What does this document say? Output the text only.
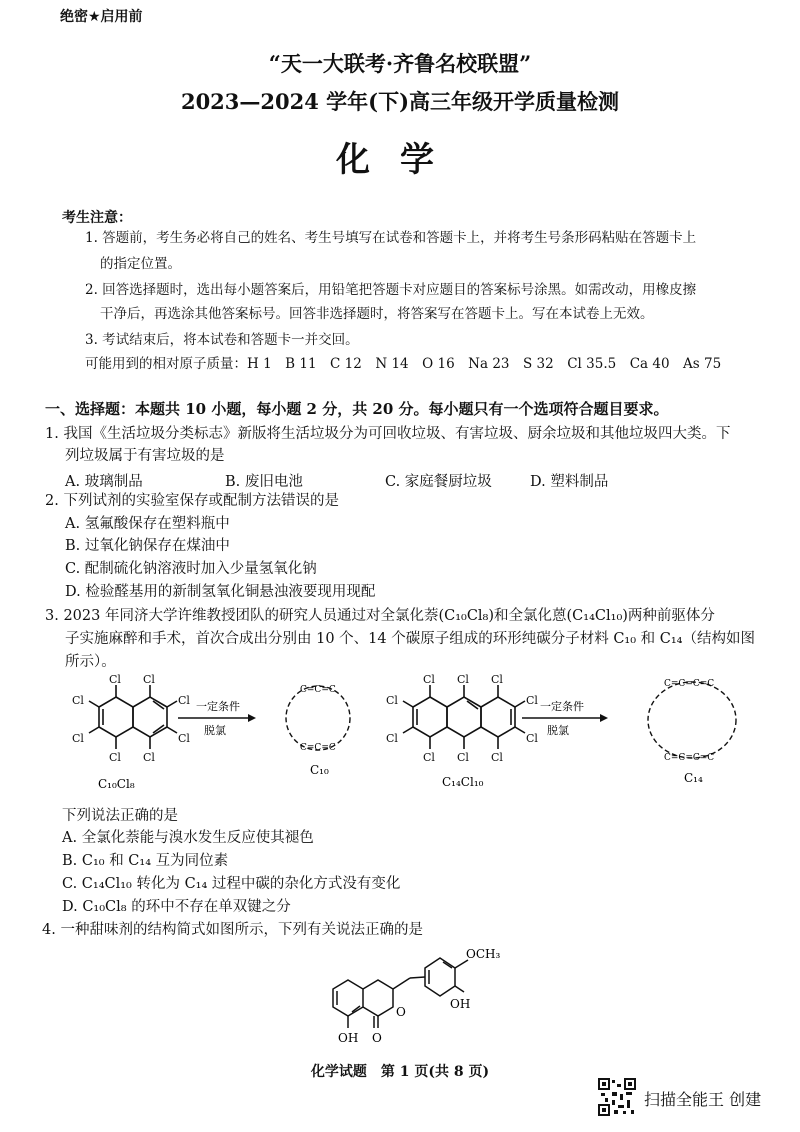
绝密★启用前
“天一大联考·齐鲁名校联盟”
2023—2024 学年(下)高三年级开学质量检测
化学
考生注意：
1. 答题前，考生务必将自己的姓名、考生号填写在试卷和答题卡上，并将考生号条形码粘贴在答题卡上
的指定位置。
2. 回答选择题时，选出每小题答案后，用铅笔把答题卡对应题目的答案标号涂黑。如需改动，用橡皮擦
干净后，再选涂其他答案标号。回答非选择题时，将答案写在答题卡上。写在本试卷上无效。
3. 考试结束后，将本试卷和答题卡一并交回。
可能用到的相对原子质量：H 1　B 11　C 12　N 14　O 16　Na 23　S 32　Cl 35.5　Ca 40　As 75
一、选择题：本题共 10 小题，每小题 2 分，共 20 分。每小题只有一个选项符合题目要求。
1. 我国《生活垃圾分类标志》新版将生活垃圾分为可回收垃圾、有害垃圾、厨余垃圾和其他垃圾四大类。下
列垃圾属于有害垃圾的是
A. 玻璃制品	B. 废旧电池	C. 家庭餐厨垃圾	D. 塑料制品
2. 下列试剂的实验室保存或配制方法错误的是
A. 氢氟酸保存在塑料瓶中
B. 过氧化钠保存在煤油中
C. 配制硫化钠溶液时加入少量氢氧化钠
D. 检验醛基用的新制氢氧化铜悬浊液要现用现配
3. 2023 年同济大学许维教授团队的研究人员通过对全氯化萘(C₁₀Cl₈)和全氯化蒽(C₁₄Cl₁₀)两种前驱体分
子实施麻醉和手术，首次合成出分别由 10 个、14 个碳原子组成的环形纯碳分子材料 C₁₀ 和 C₁₄（结构如图
所示）。
Cl Cl
Cl
Cl
Cl
Cl
Cl Cl
C₁₀Cl₈
一定条件
脱氯
C=C=C
C=C=C
C₁₀
Cl Cl Cl
Cl
Cl
Cl
Cl
Cl Cl Cl
C₁₄Cl₁₀
一定条件
脱氯
C=C=C=C
C=C=C=C
C₁₄
下列说法正确的是
A. 全氯化萘能与溴水发生反应使其褪色
B. C₁₀ 和 C₁₄ 互为同位素
C. C₁₄Cl₁₀ 转化为 C₁₄ 过程中碳的杂化方式没有变化
D. C₁₀Cl₈ 的环中不存在单双键之分
4. 一种甜味剂的结构简式如图所示，下列有关说法正确的是
OCH₃
OH
OH O
O
化学试题　第 1 页(共 8 页)
扫描全能王 创建
